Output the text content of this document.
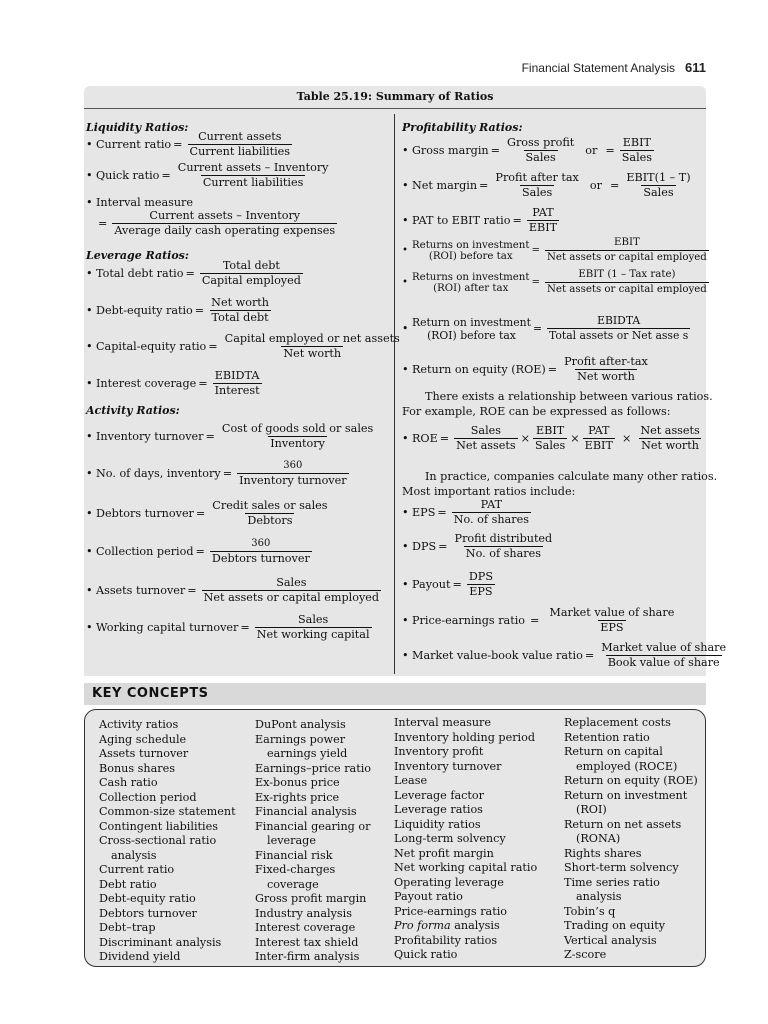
Financial Statement Analysis 611
Table 25.19: Summary of Ratios
Liquidity Ratios:
• Current ratio = $\frac{\text{Current assets}}{\text{Current liabilities}}$
• Quick ratio = $\frac{\text{Current assets – Inventory}}{\text{Current liabilities}}$
• Interval measure
= $\frac{\text{Current assets – Inventory}}{\text{Average daily cash operating expenses}}$
Leverage Ratios:
• Total debt ratio = $\frac{\text{Total debt}}{\text{Capital employed}}$
• Debt-equity ratio = $\frac{\text{Net worth}}{\text{Total debt}}$
• Capital-equity ratio = $\frac{\text{Capital employed or net assets}}{\text{Net worth}}$
• Interest coverage = $\frac{\text{EBIDTA}}{\text{Interest}}$
Activity Ratios:
• Inventory turnover = $\frac{\text{Cost of goods sold or sales}}{\text{Inventory}}$
• No. of days, inventory = $\frac{360}{\text{Inventory turnover}}$
• Debtors turnover = $\frac{\text{Credit sales or sales}}{\text{Debtors}}$
• Collection period = $\frac{360}{\text{Debtors turnover}}$
• Assets turnover = $\frac{\text{Sales}}{\text{Net assets or capital employed}}$
• Working capital turnover = $\frac{\text{Sales}}{\text{Net working capital}}$
Profitability Ratios:
• Gross margin = $\frac{\text{Gross profit}}{\text{Sales}}$ or = $\frac{\text{EBIT}}{\text{Sales}}$
• Net margin = $\frac{\text{Profit after tax}}{\text{Sales}}$ or = $\frac{\text{EBIT(1 – T)}}{\text{Sales}}$
• PAT to EBIT ratio = $\frac{\text{PAT}}{\text{EBIT}}$
• Returns on investment
(ROI) before tax = $\frac{\text{EBIT}}{\text{Net assets or capital employed}}$
• Returns on investment
(ROI) after tax = $\frac{\text{EBIT (1 – Tax rate)}}{\text{Net assets or capital employed}}$
• Return on investment
(ROI) before tax = $\frac{\text{EBIDTA}}{\text{Total assets or Net asse s}}$
• Return on equity $(ROE) = \frac{\text{Profit after-tax}}{\text{Net worth}}$
There exists a relationship between various ratios.
For example, ROE can be expressed as follows:
• ROE = $\frac{\text{Sales}}{\text{Net assets}} \times \frac{\text{EBIT}}{\text{Sales}} \times \frac{\text{PAT}}{\text{EBIT}} \times \frac{\text{Net assets}}{\text{Net worth}}$
In practice, companies calculate many other ratios.
Most important ratios include:
• EPS = $\frac{\text{PAT}}{\text{No. of shares}}$
• DPS = $\frac{\text{Profit distributed}}{\text{No. of shares}}$
• Payout = $\frac{\text{DPS}}{\text{EPS}}$
• Price-earnings ratio = $\frac{\text{Market value of share}}{\text{EPS}}$
• Market value-book value ratio = $\frac{\text{Market value of share}}{\text{Book value of share}}$
KEY CONCEPTS
Activity ratios
Aging schedule
Assets turnover
Bonus shares
Cash ratio
Collection period
Common-size statement
Contingent liabilities
Cross-sectional ratio
analysis
Current ratio
Debt ratio
Debt-equity ratio
Debtors turnover
Debt–trap
Discriminant analysis
Dividend yield
DuPont analysis
Earnings power
earnings yield
Earnings–price ratio
Ex-bonus price
Ex-rights price
Financial analysis
Financial gearing or
leverage
Financial risk
Fixed-charges
coverage
Gross profit margin
Industry analysis
Interest coverage
Interest tax shield
Inter-firm analysis
Interval measure
Inventory holding period
Inventory profit
Inventory turnover
Lease
Leverage factor
Leverage ratios
Liquidity ratios
Long-term solvency
Net profit margin
Net working capital ratio
Operating leverage
Payout ratio
Price-earnings ratio
Pro forma analysis
Profitability ratios
Quick ratio
Replacement costs
Retention ratio
Return on capital
employed (ROCE)
Return on equity (ROE)
Return on investment
(ROI)
Return on net assets
(RONA)
Rights shares
Short-term solvency
Time series ratio
analysis
Tobin’s q
Trading on equity
Vertical analysis
Z-score
